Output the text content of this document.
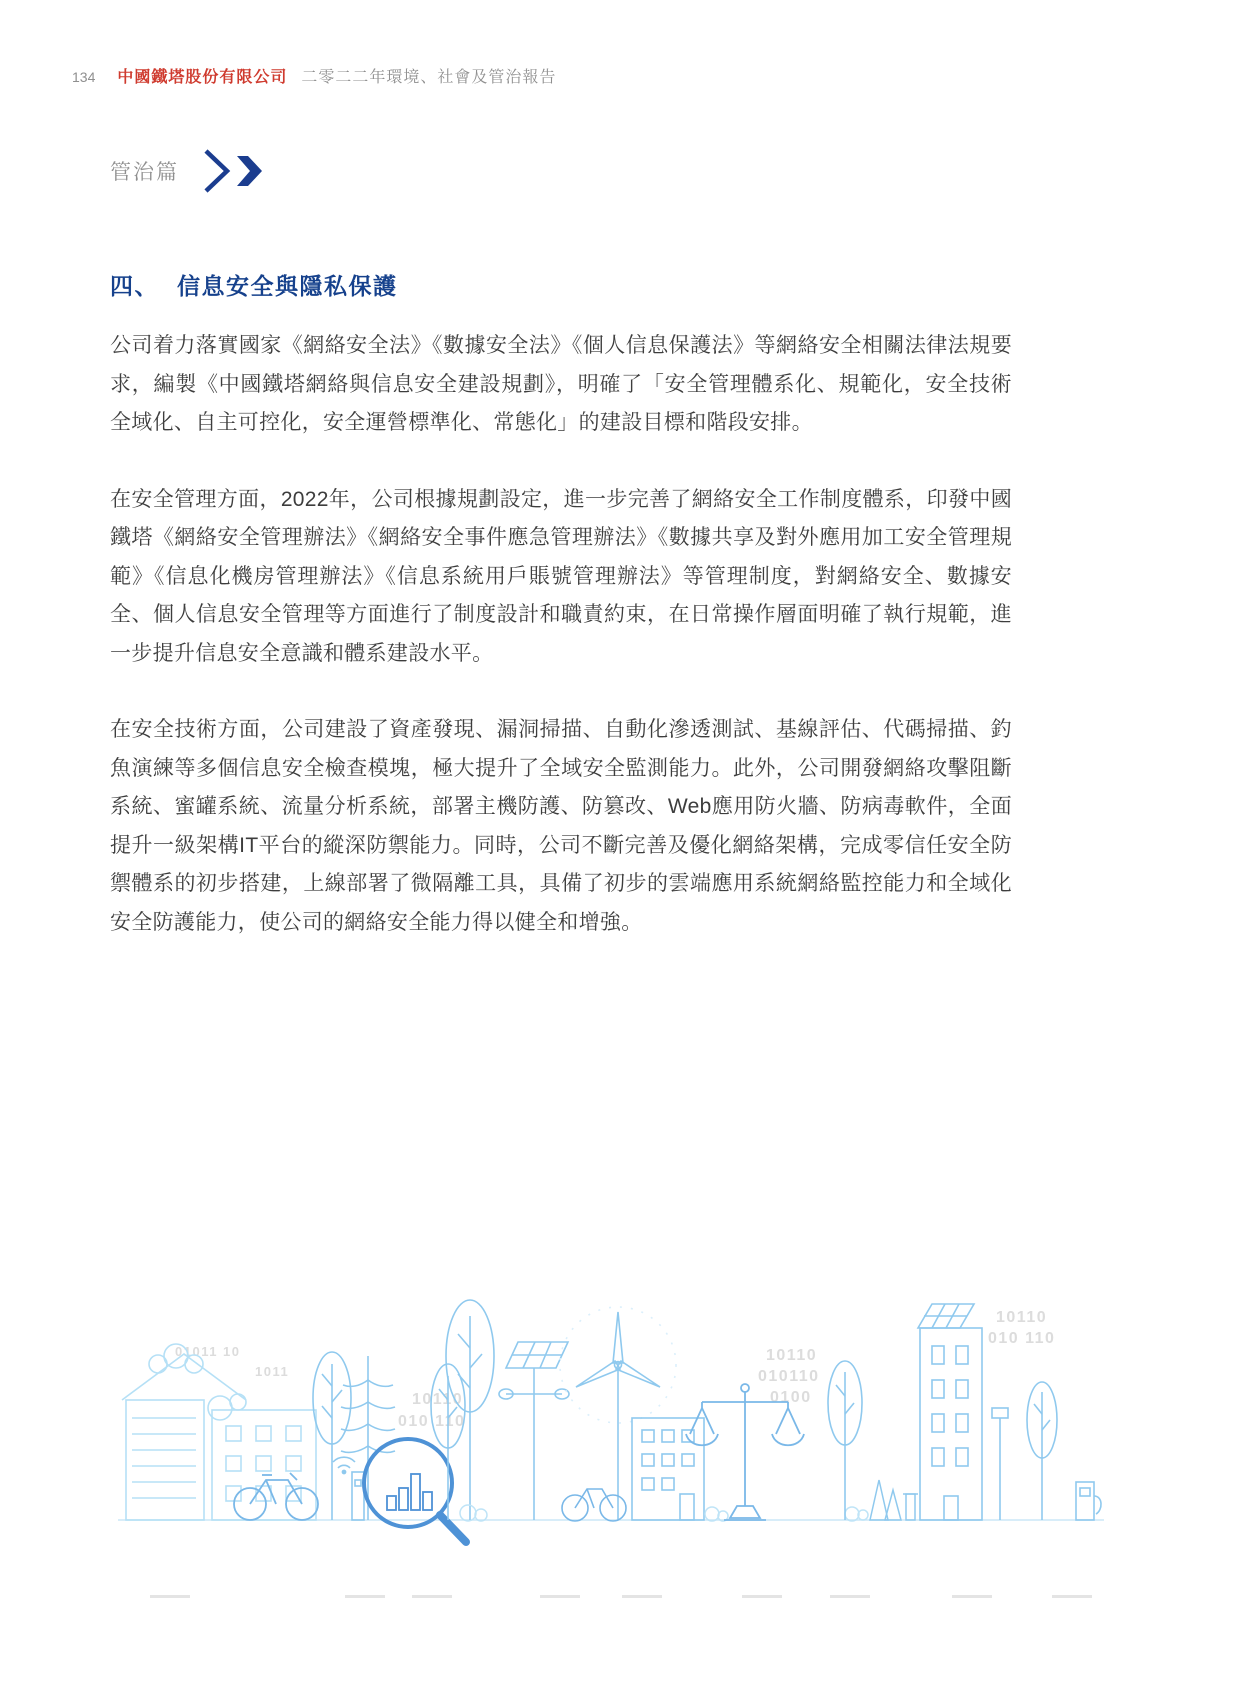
134 中國鐵塔股份有限公司 二零二二年環境、社會及管治報告
管治篇
四、 信息安全與隱私保護

公司着力落實國家《網絡安全法》《數據安全法》《個人信息保護法》等網絡安全相關法律法規要求，編製《中國鐵塔網絡與信息安全建設規劃》，明確了「安全管理體系化、規範化，安全技術全域化、自主可控化，安全運營標準化、常態化」的建設目標和階段安排。

在安全管理方面，2022年，公司根據規劃設定，進一步完善了網絡安全工作制度體系，印發中國鐵塔《網絡安全管理辦法》《網絡安全事件應急管理辦法》《數據共享及對外應用加工安全管理規範》《信息化機房管理辦法》《信息系統用戶賬號管理辦法》等管理制度，對網絡安全、數據安全、個人信息安全管理等方面進行了制度設計和職責約束，在日常操作層面明確了執行規範，進一步提升信息安全意識和體系建設水平。

在安全技術方面，公司建設了資產發現、漏洞掃描、自動化滲透測試、基線評估、代碼掃描、釣魚演練等多個信息安全檢查模塊，極大提升了全域安全監測能力。此外，公司開發網絡攻擊阻斷系統、蜜罐系統、流量分析系統，部署主機防護、防篡改、Web應用防火牆、防病毒軟件，全面提升一級架構IT平台的縱深防禦能力。同時，公司不斷完善及優化網絡架構，完成零信任安全防禦體系的初步搭建，上線部署了微隔離工具，具備了初步的雲端應用系統網絡監控能力和全域化安全防護能力，使公司的網絡安全能力得以健全和增強。

01011 10
1011
10110
010 110
10110
010110
0100
10110
010 110
